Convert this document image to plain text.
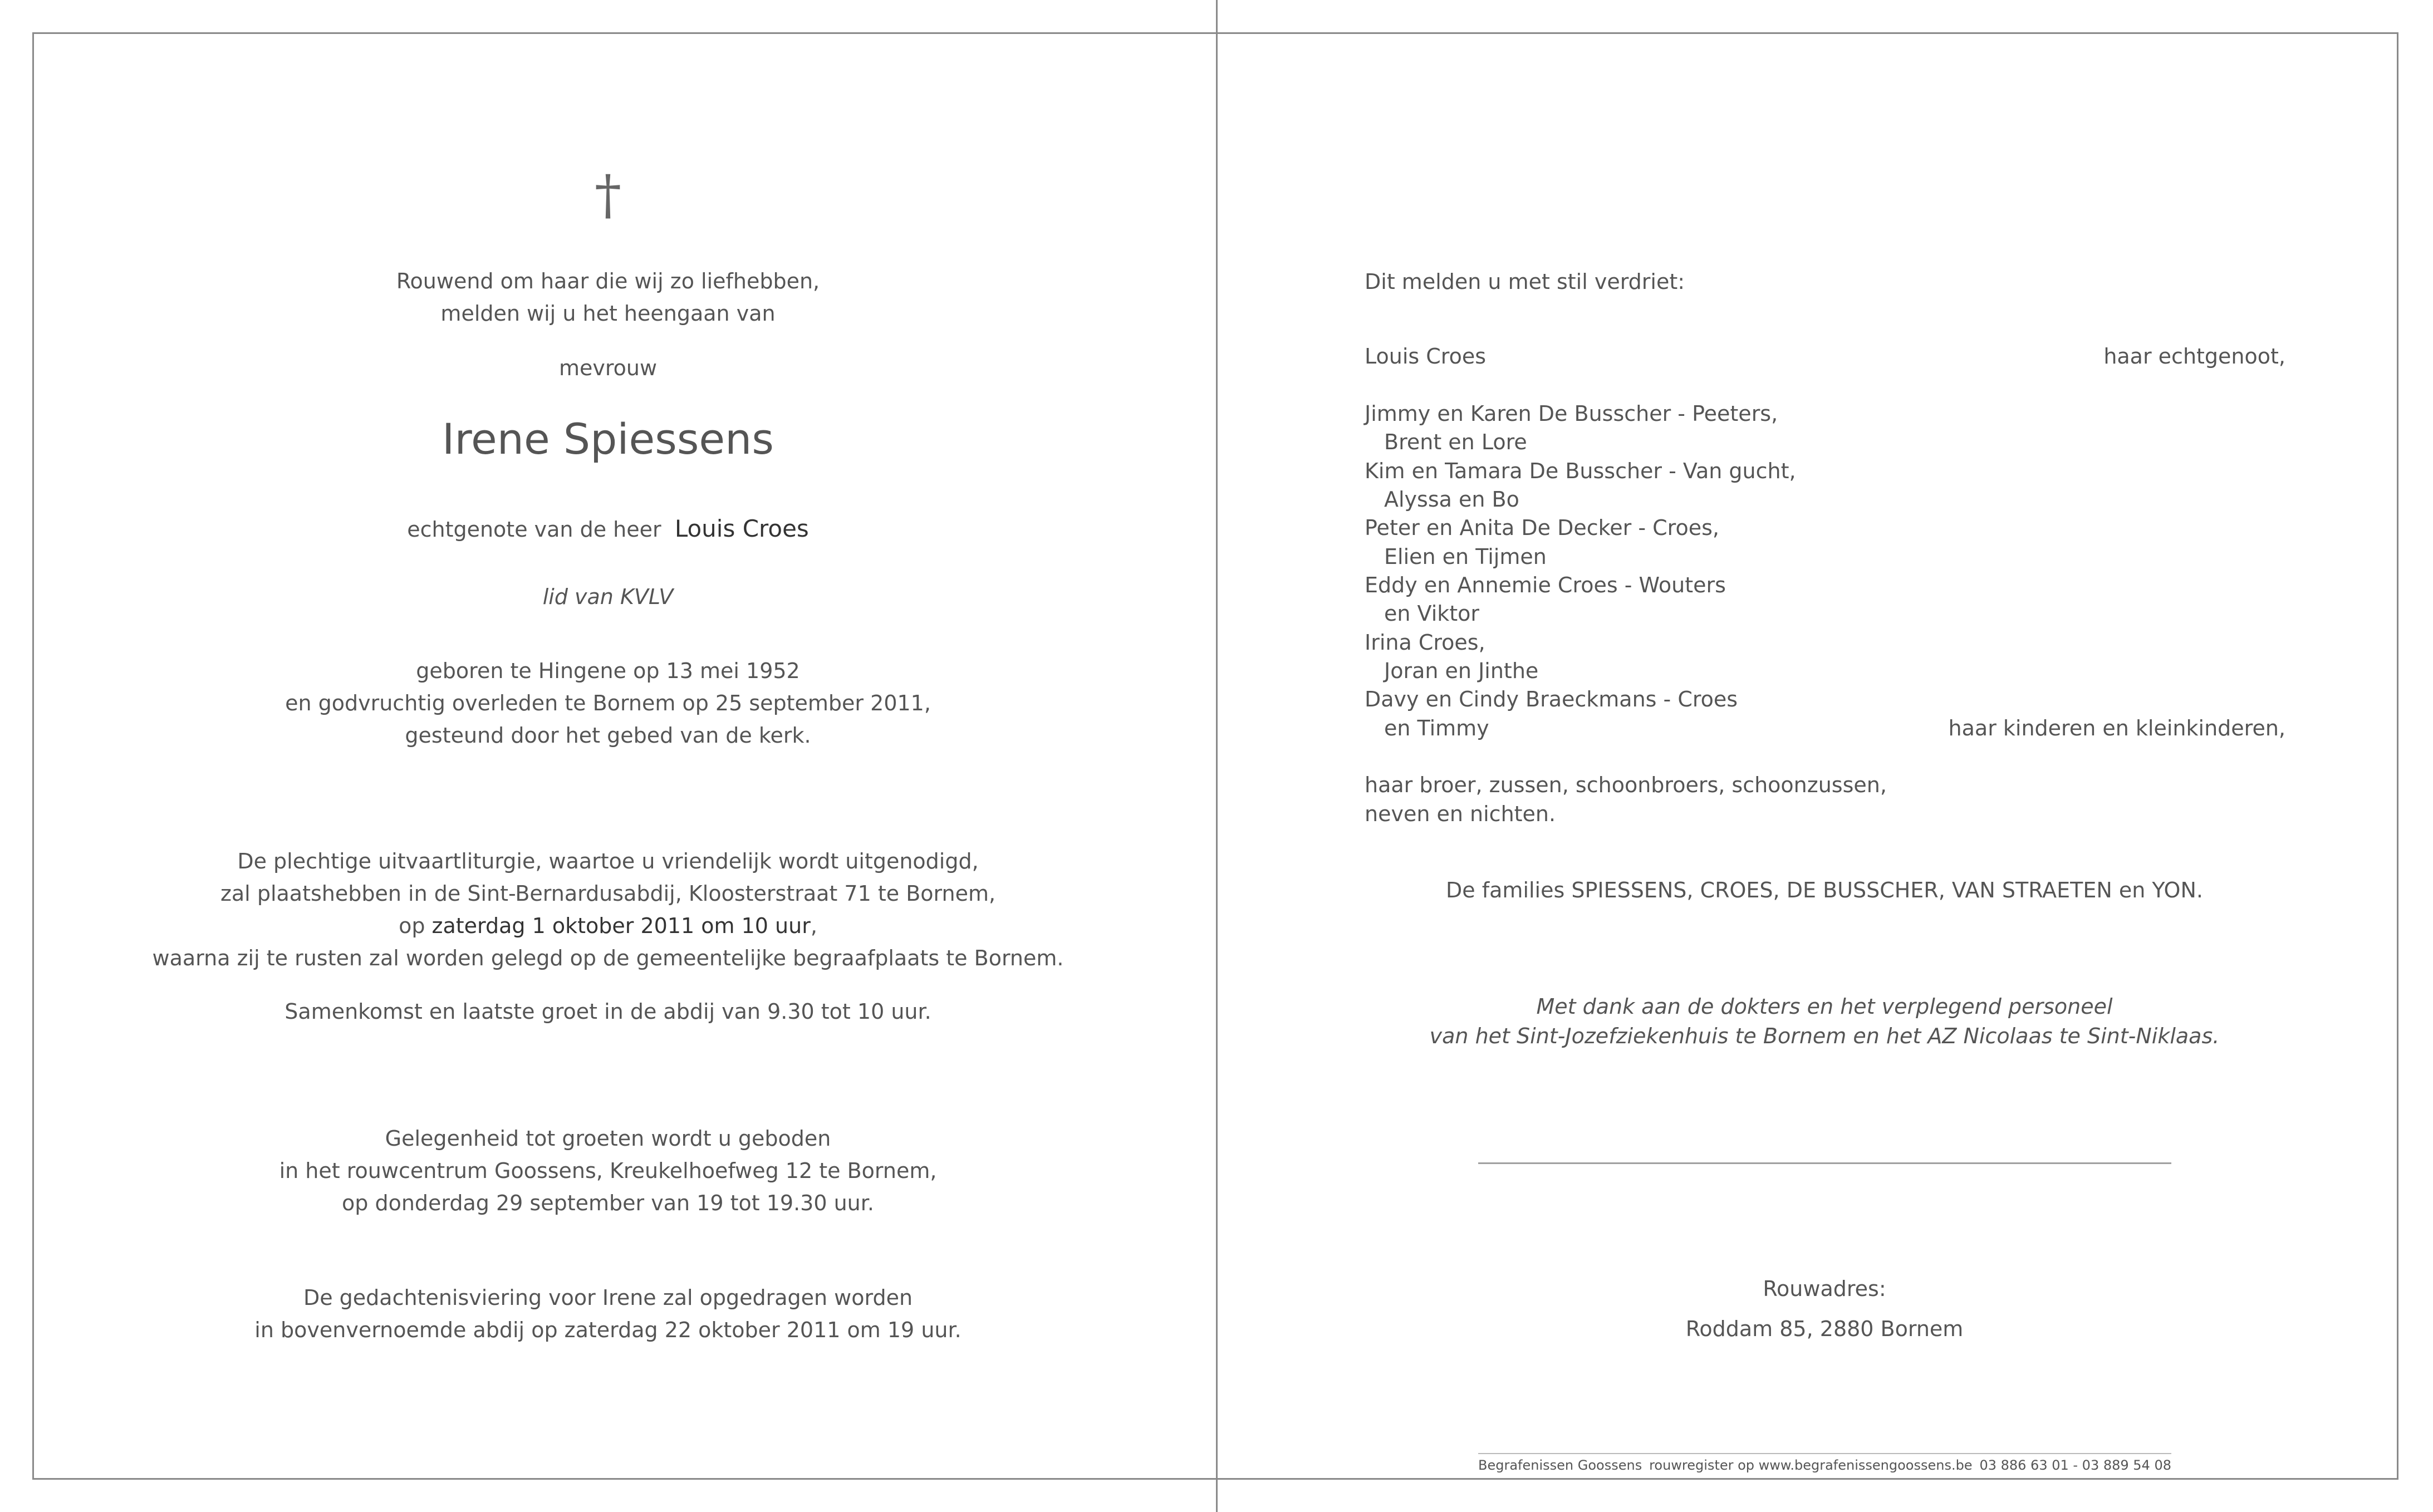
†
Rouwend om haar die wij zo liefhebben,
melden wij u het heengaan van
mevrouw
Irene Spiessens
echtgenote van de heer Louis Croes
lid van KVLV
geboren te Hingene op 13 mei 1952
en godvruchtig overleden te Bornem op 25 september 2011,
gesteund door het gebed van de kerk.
De plechtige uitvaartliturgie, waartoe u vriendelijk wordt uitgenodigd,
zal plaatshebben in de Sint-Bernardusabdij, Kloosterstraat 71 te Bornem,
op zaterdag 1 oktober 2011 om 10 uur,
waarna zij te rusten zal worden gelegd op de gemeentelijke begraafplaats te Bornem.
Samenkomst en laatste groet in de abdij van 9.30 tot 10 uur.
Gelegenheid tot groeten wordt u geboden
in het rouwcentrum Goossens, Kreukelhoefweg 12 te Bornem,
op donderdag 29 september van 19 tot 19.30 uur.
De gedachtenisviering voor Irene zal opgedragen worden
in bovenvernoemde abdij op zaterdag 22 oktober 2011 om 19 uur.
Dit melden u met stil verdriet:
Louis Croes	haar echtgenoot,
Jimmy en Karen De Busscher - Peeters,
Brent en Lore
Kim en Tamara De Busscher - Van gucht,
Alyssa en Bo
Peter en Anita De Decker - Croes,
Elien en Tijmen
Eddy en Annemie Croes - Wouters
en Viktor
Irina Croes,
Joran en Jinthe
Davy en Cindy Braeckmans - Croes
en Timmy	haar kinderen en kleinkinderen,
haar broer, zussen, schoonbroers, schoonzussen,
neven en nichten.
De families SPIESSENS, CROES, DE BUSSCHER, VAN STRAETEN en YON.
Met dank aan de dokters en het verplegend personeel
van het Sint-Jozefziekenhuis te Bornem en het AZ Nicolaas te Sint-Niklaas.
Rouwadres:
Roddam 85, 2880 Bornem
Begrafenissen Goossens rouwregister op www.begrafenissengoossens.be 03 886 63 01 - 03 889 54 08
